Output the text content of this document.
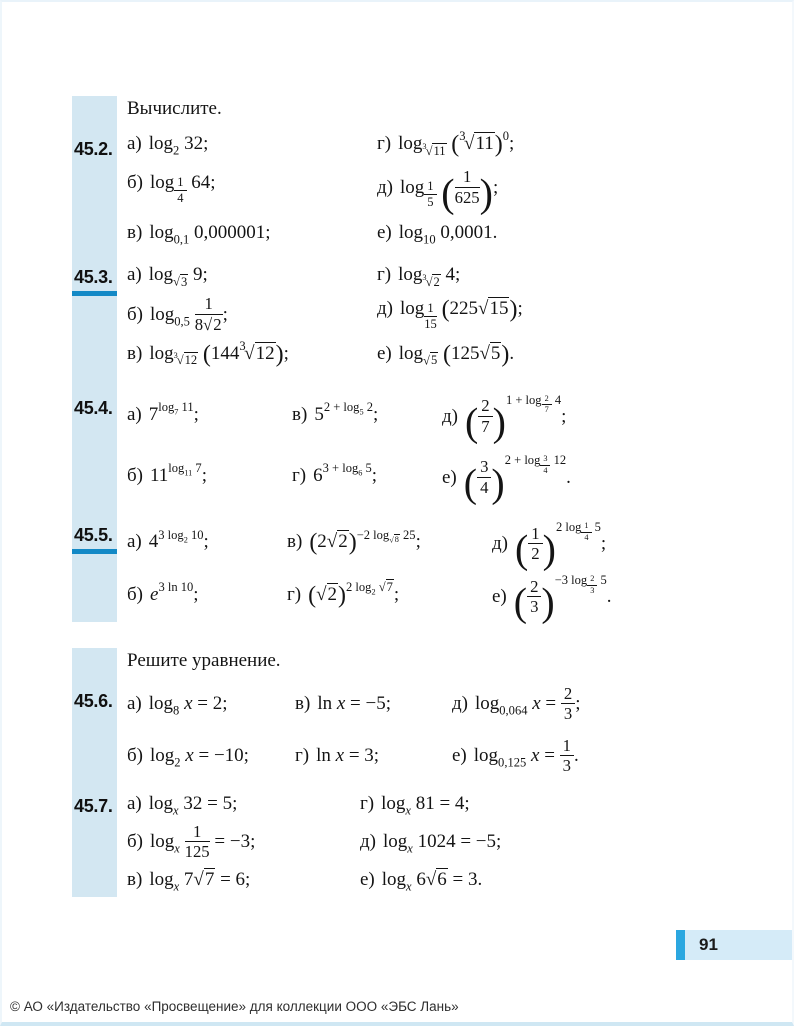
Вычислите.
45.2. а) $\log_2 32$;	г) $\log_{^3√11} (^3√11)^0$;
б) log $_{\frac{1}{4}}$ 64;	д) log $_{\frac{1}{5}}$ ( $\frac{1}{625}$ );
в) $\log_{0,1} 0,000001$;	е) $\log_{10} 0,0001$.
45.3. а) $\log_{√3} 9$;	г) $\log_{^3√2} 4$;
б) $\log_{0,5} \frac{1}{8√2}$ ;	д) log $_{\frac{1}{15}}$ (225√15);
в) $\log_{^3√12} (144^3√12)$;	е) $\log_{√5} (125√5)$.
45.4. а) $7^{log_7 11}$;	в) $5^{2 + log_5 2}$;	д) ( $\frac{2}{7} )^{1 + log _{\frac{2}{7}} 4}$;
б) $11^{log_{11} 7}$;	г) $6^{3 + log_6 5}$;	е) ( $\frac{3}{4} )^{2 + log _{\frac{3}{4}} 12}$.
45.5. а) $4^{3 log_2 10}$;	в) $(2√2)^{-2 log_{√8} 25}$;	д) ( $\frac{1}{2} )^{2 log _{\frac{1}{4}} 5}$;
б) $e^{3 ln 10}$;	г) $(√2)^{2 log_2 √7}$;	е) ( $\frac{2}{3} )^{-3 log _{\frac{2}{3}} 5}$.
Решите уравнение.
45.6. а) $\log_8 x = 2$;	в) ln x = −5;	д) $\log_{0,064} x = \frac{2}{3}$ ;
б) $\log_2 x = -10$; г) ln x = 3;	е) $\log_{0,125} x = \frac{1}{3}$ .
45.7. а) $\log_x 32 = 5$;	г) $\log_x 81 = 4$;
б) $\log_x \frac{1}{125} = -3$;	д) $\log_x 1024 = -5$;
в) $\log_x 7√7 = 6$;	е) $\log_x 6√6 = 3$.
91
© АО «Издательство «Просвещение» для коллекции ООО «ЭБС Лань»
